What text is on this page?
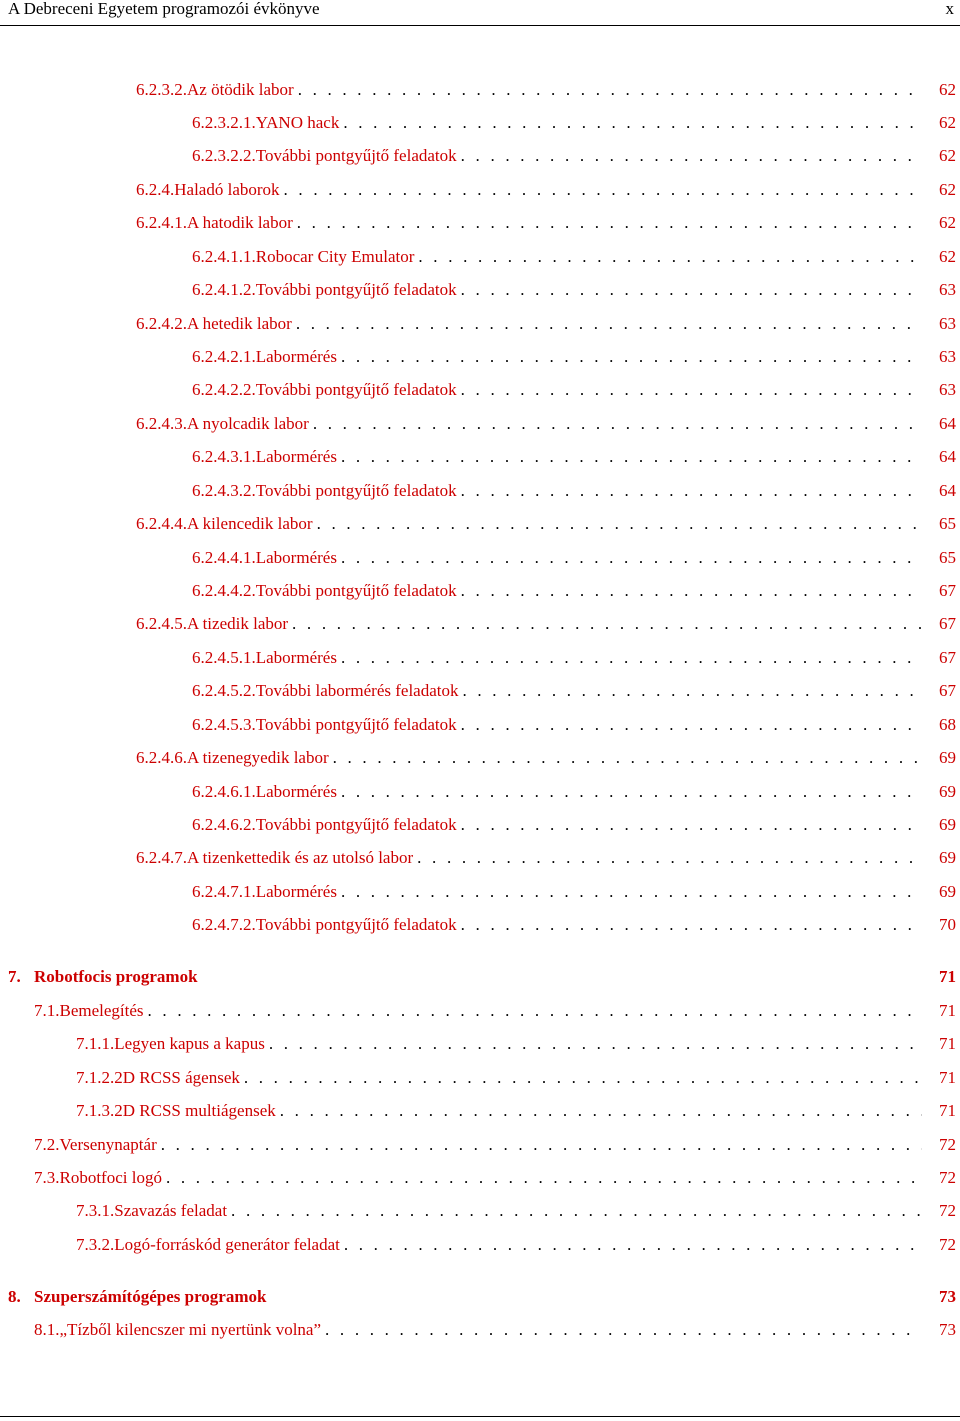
A Debreceni Egyetem programozói évkönyve	x
6.2.3.2. Az ötödik labor . . .	62
6.2.3.2.1. YANO hack . . .	62
6.2.3.2.2. További pontgyűjtő feladatok . . .	62
6.2.4. Haladó laborok . . .	62
6.2.4.1. A hatodik labor . . .	62
6.2.4.1.1. Robocar City Emulator . . .	62
6.2.4.1.2. További pontgyűjtő feladatok . . .	63
6.2.4.2. A hetedik labor . . .	63
6.2.4.2.1. Labormérés . . .	63
6.2.4.2.2. További pontgyűjtő feladatok . . .	63
6.2.4.3. A nyolcadik labor . . .	64
6.2.4.3.1. Labormérés . . .	64
6.2.4.3.2. További pontgyűjtő feladatok . . .	64
6.2.4.4. A kilencedik labor . . .	65
6.2.4.4.1. Labormérés . . .	65
6.2.4.4.2. További pontgyűjtő feladatok . . .	67
6.2.4.5. A tizedik labor . . .	67
6.2.4.5.1. Labormérés . . .	67
6.2.4.5.2. További labormérés feladatok . . .	67
6.2.4.5.3. További pontgyűjtő feladatok . . .	68
6.2.4.6. A tizenegyedik labor . . .	69
6.2.4.6.1. Labormérés . . .	69
6.2.4.6.2. További pontgyűjtő feladatok . . .	69
6.2.4.7. A tizenkettedik és az utolsó labor . . .	69
6.2.4.7.1. Labormérés . . .	69
6.2.4.7.2. További pontgyűjtő feladatok . . .	70
7. Robotfocis programok	71
7.1. Bemelegítés . . .	71
7.1.1. Legyen kapus a kapus . . .	71
7.1.2. 2D RCSS ágensek . . .	71
7.1.3. 2D RCSS multiágensek . . .	71
7.2. Versenynaptár . . .	72
7.3. Robotfoci logó . . .	72
7.3.1. Szavazás feladat . . .	72
7.3.2. Logó-forráskód generátor feladat . . .	72
8. Szuperszámítógépes programok	73
8.1. „Tízből kilencszer mi nyertünk volna” . . .	73
